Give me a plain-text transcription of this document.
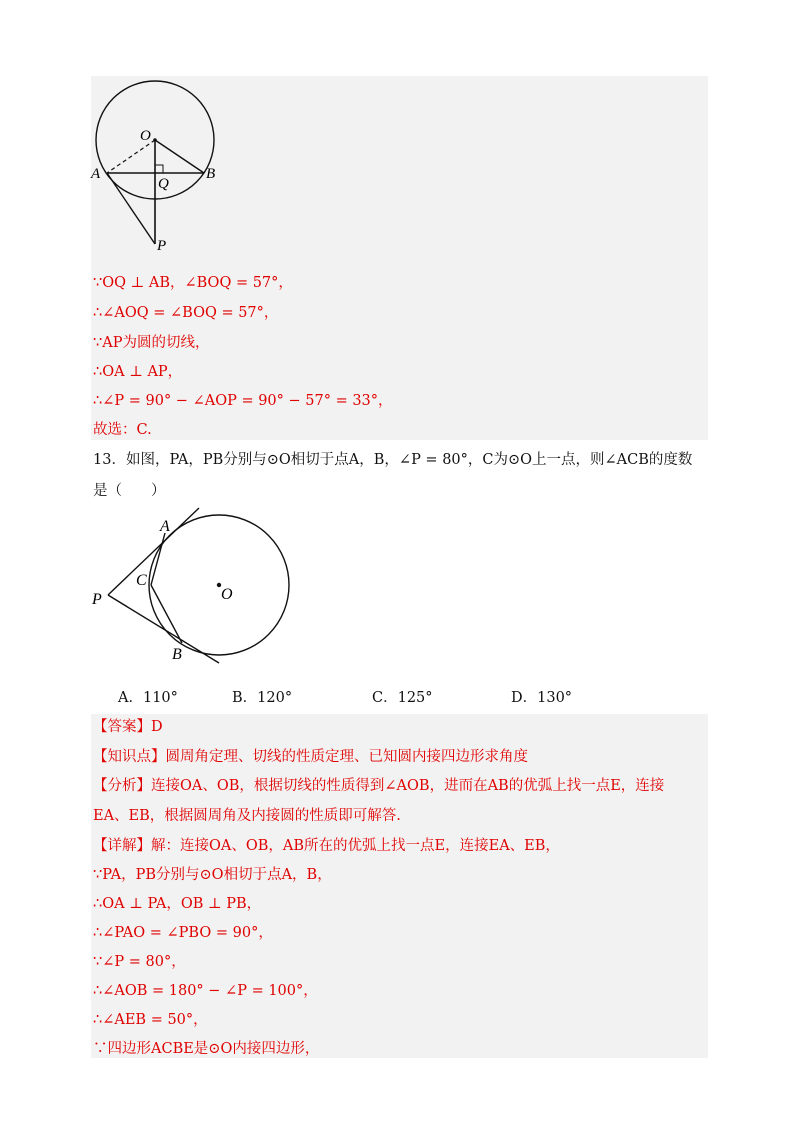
O
A	B
Q
P
∵OQ ⊥ AB，∠BOQ = 57°，
∴∠AOQ = ∠BOQ = 57°，
∵AP为圆的切线，
∴OA ⊥ AP，
∴∠P = 90° − ∠AOP = 90° − 57° = 33°，
故选：C.
13．如图，PA，PB分别与⊙O相切于点A，B，∠P = 80°，C为⊙O上一点，则∠ACB的度数
是（　　）
A
C
P	O
B
A．110°	B．120°	C．125°	D．130°
【答案】D
【知识点】圆周角定理、切线的性质定理、已知圆内接四边形求角度
【分析】连接OA、OB，根据切线的性质得到∠AOB，进而在AB的优弧上找一点E，连接
EA、EB，根据圆周角及内接圆的性质即可解答.
【详解】解：连接OA、OB，AB所在的优弧上找一点E，连接EA、EB，
∵PA，PB分别与⊙O相切于点A，B，
∴OA ⊥ PA，OB ⊥ PB，
∴∠PAO = ∠PBO = 90°，
∵∠P = 80°，
∴∠AOB = 180° − ∠P = 100°，
∴∠AEB = 50°，
∵四边形ACBE是⊙O内接四边形，
